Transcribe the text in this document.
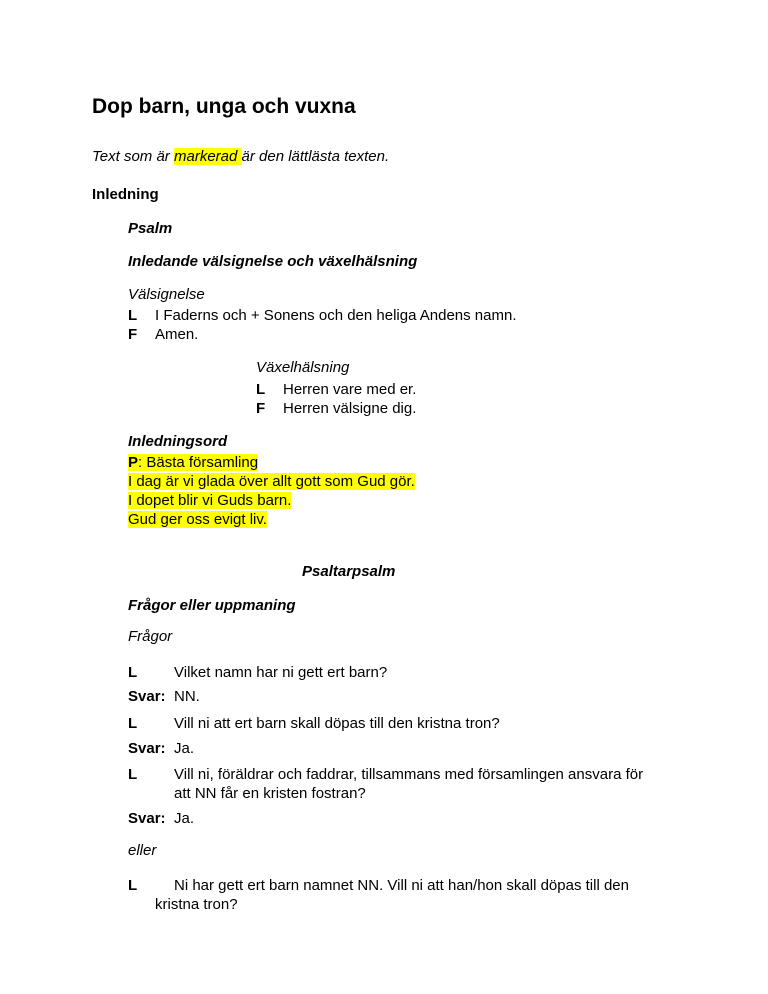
Dop barn, unga och vuxna
Text som är markerad är den lättlästa texten.
Inledning
Psalm
Inledande välsignelse och växelhälsning
Välsignelse
L I Faderns och + Sonens och den heliga Andens namn.
F Amen.
Växelhälsning
L Herren vare med er.
F Herren välsigne dig.
Inledningsord
P: Bästa församling
I dag är vi glada över allt gott som Gud gör.
I dopet blir vi Guds barn.
Gud ger oss evigt liv.
Psaltarpsalm
Frågor eller uppmaning
Frågor
L Vilket namn har ni gett ert barn?
Svar: NN.
L Vill ni att ert barn skall döpas till den kristna tron?
Svar: Ja.
L Vill ni, föräldrar och faddrar, tillsammans med församlingen ansvara för
att NN får en kristen fostran?
Svar: Ja.
eller
L Ni har gett ert barn namnet NN. Vill ni att han/hon skall döpas till den
kristna tron?
